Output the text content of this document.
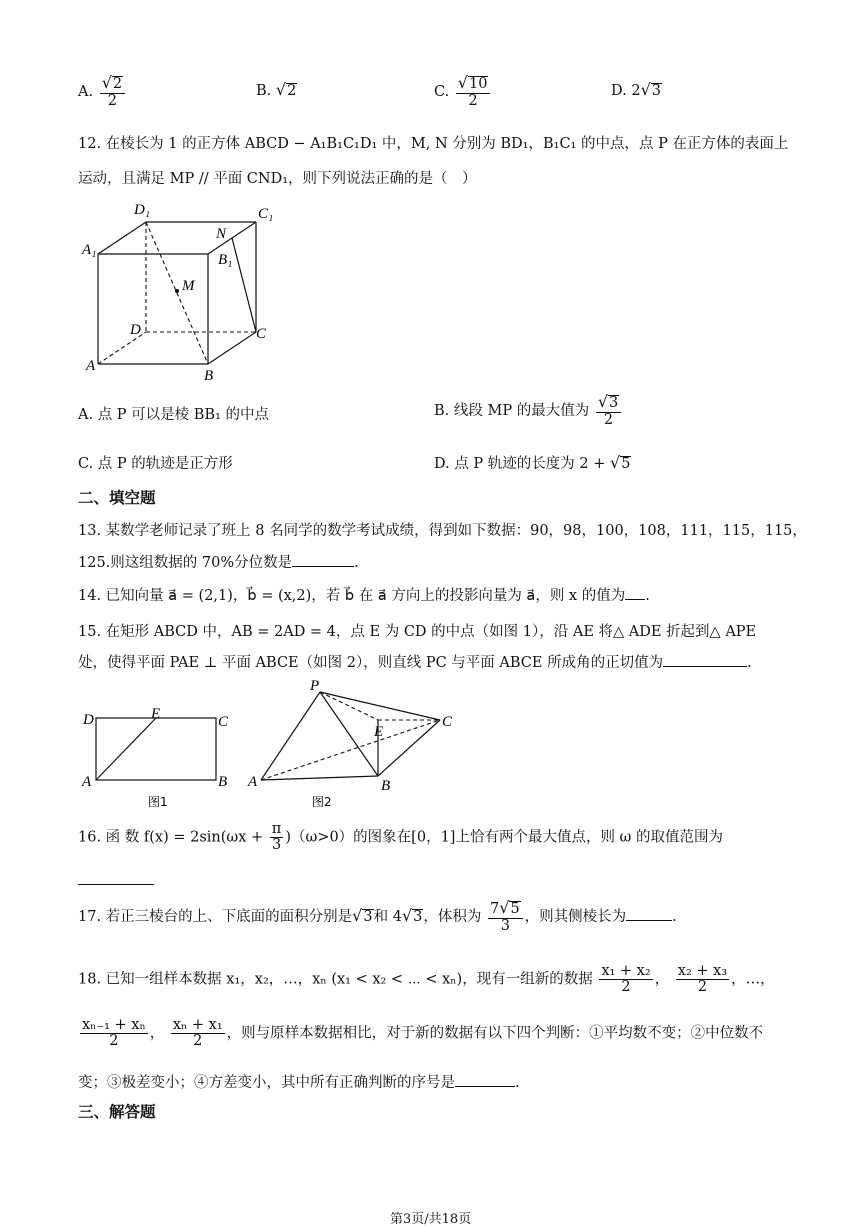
A. $\frac{√ 2}{2}$	B. √ 2	C. $\frac{√ 10}{2}$	D. 2 √ 3
12. 在棱长为 1 的正方体 ABCD − A₁B₁C₁D₁ 中，M, N 分别为 BD₁，B₁C₁ 的中点，点 P 在正方体的表面上
运动，且满足 MP // 平面 CND₁，则下列说法正确的是（　）
D₁	C₁
A₁
N
B₁
M
D	C
A
B
A. 点 P 可以是棱 BB₁ 的中点	B. 线段 MP 的最大值为 $\frac{√ 3}{2}$
C. 点 P 的轨迹是正方形	D. 点 P 轨迹的长度为 2 + √ 5
二、填空题
13. 某数学老师记录了班上 8 名同学的数学考试成绩，得到如下数据：90，98，100，108，111，115，115，
125.则这组数据的 70%分位数是	.
14. 已知向量 a⃗ = (2,1)，b⃗ = (x,2)，若 b⃗ 在 a⃗ 方向上的投影向量为 a⃗，则 x 的值为 .
15. 在矩形 ABCD 中，AB = 2AD = 4，点 E 为 CD 的中点（如图 1），沿 AE 将△ ADE 折起到△ APE
处，使得平面 PAE ⊥ 平面 ABCE（如图 2），则直线 PC 与平面 ABCE 所成角的正切值为	.
D	E	C
A	B
图1
P
E
C
A	B
图2
16. 函 数 $f(x) = 2\sin(\omega x + \frac{\pi}{3} )(\omega>0)$的图象在[0，1]上恰有两个最大值点，则 ω 的取值范围为
17. 若正三棱台的上、下底面的面积分别是 √ 3 和 4 √ 3 ，体积为 $\frac{7 √ 5}{3}$ ，则其侧棱长为	.
18. 已知一组样本数据 x₁，x₂，…，xₙ (x₁ < x₂ < ⋯ < xₙ)，现有一组新的数据 $\frac{\text{x₁ + x₂}}{2}$ ， $\frac{\text{x₂ + x₃}}{2}$ ，…，
$\frac{\text{xₙ₋₁ + xₙ}}{2}$ ， $\frac{\text{xₙ + x₁}}{2}$ ，则与原样本数据相比，对于新的数据有以下四个判断：①平均数不变；②中位数不
变；③极差变小；④方差变小，其中所有正确判断的序号是	.
三、解答题
第3页/共18页
